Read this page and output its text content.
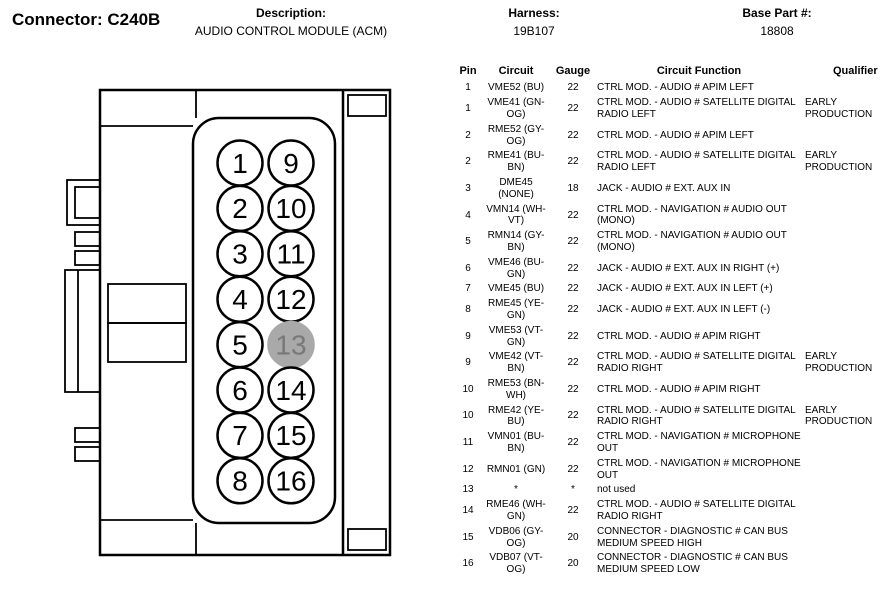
Connector: C240B	Description:
AUDIO CONTROL MODULE (ACM)
Harness:
19B107
Base Part #:
18808
1
2
3
4
5
6
7
8
9
10
11
12
13
14
15
16
Pin	Circuit	Gauge	Circuit Function	Qualifier
1	VME52 (BU)	22	CTRL MOD. - AUDIO # APIM LEFT	
1	VME41 (GN-OG)	22	CTRL MOD. - AUDIO # SATELLITE DIGITAL RADIO LEFT	EARLY PRODUCTION
2	RME52 (GY-OG)	22	CTRL MOD. - AUDIO # APIM LEFT	
2	RME41 (BU-BN)	22	CTRL MOD. - AUDIO # SATELLITE DIGITAL RADIO LEFT	EARLY PRODUCTION
3	DME45 (NONE)	18	JACK - AUDIO # EXT. AUX IN	
4	VMN14 (WH-VT)	22	CTRL MOD. - NAVIGATION # AUDIO OUT (MONO)	
5	RMN14 (GY-BN)	22	CTRL MOD. - NAVIGATION # AUDIO OUT (MONO)	
6	VME46 (BU-GN)	22	JACK - AUDIO # EXT. AUX IN RIGHT (+)	
7	VME45 (BU)	22	JACK - AUDIO # EXT. AUX IN LEFT (+)	
8	RME45 (YE-GN)	22	JACK - AUDIO # EXT. AUX IN LEFT (-)	
9	VME53 (VT-GN)	22	CTRL MOD. - AUDIO # APIM RIGHT	
9	VME42 (VT-BN)	22	CTRL MOD. - AUDIO # SATELLITE DIGITAL RADIO RIGHT	EARLY PRODUCTION
10	RME53 (BN-WH)	22	CTRL MOD. - AUDIO # APIM RIGHT	
10	RME42 (YE-BU)	22	CTRL MOD. - AUDIO # SATELLITE DIGITAL RADIO RIGHT	EARLY PRODUCTION
11	VMN01 (BU-BN)	22	CTRL MOD. - NAVIGATION # MICROPHONE OUT	
12	RMN01 (GN)	22	CTRL MOD. - NAVIGATION # MICROPHONE OUT	
13	*	*	not used	
14	RME46 (WH-GN)	22	CTRL MOD. - AUDIO # SATELLITE DIGITAL RADIO RIGHT	
15	VDB06 (GY-OG)	20	CONNECTOR - DIAGNOSTIC # CAN BUS MEDIUM SPEED HIGH	
16	VDB07 (VT-OG)	20	CONNECTOR - DIAGNOSTIC # CAN BUS MEDIUM SPEED LOW	
